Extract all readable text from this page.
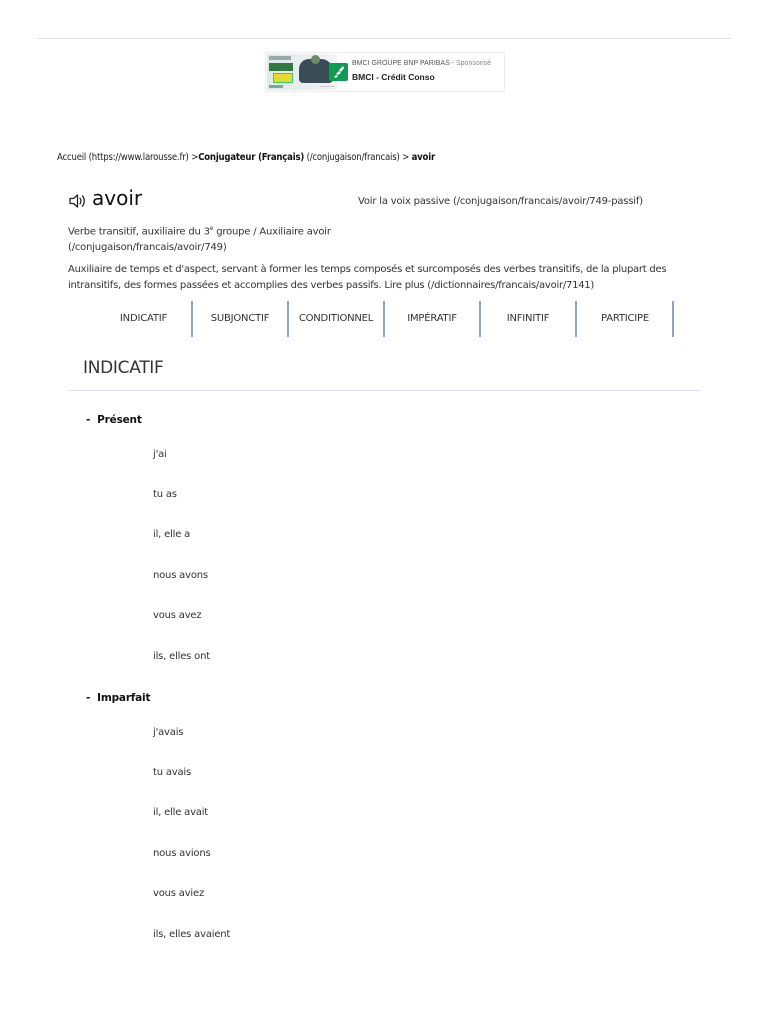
BMCI GROUPE BNP PARIBAS - Sponsorisé
BMCI - Crédit Conso
Accueil (https://www.larousse.fr) >Conjugateur (Français) (/conjugaison/francais) > avoir
avoir	Voir la voix passive (/conjugaison/francais/avoir/749-passif)
Verbe transitif, auxiliaire du 3e groupe / Auxiliaire avoir (/conjugaison/francais/avoir/749)
Auxiliaire de temps et d'aspect, servant à former les temps composés et surcomposés des verbes transitifs, de la plupart des intransitifs, des formes passées et accomplies des verbes passifs. Lire plus (/dictionnaires/francais/avoir/7141)
INDICATIF	SUBJONCTIF	CONDITIONNEL	IMPÉRATIF	INFINITIF	PARTICIPE
INDICATIF
- Présent
j'ai
tu as
il, elle a
nous avons
vous avez
ils, elles ont
- Imparfait
j'avais
tu avais
il, elle avait
nous avions
vous aviez
ils, elles avaient
